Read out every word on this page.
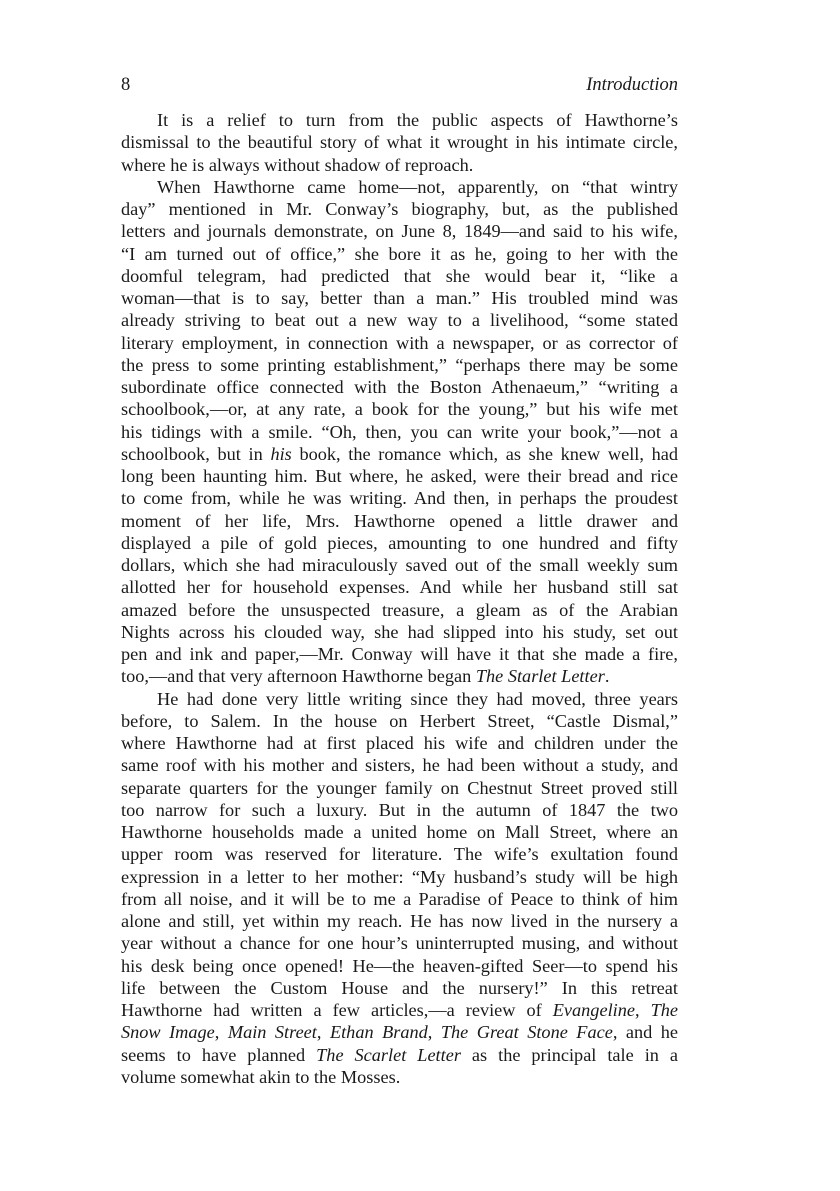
8	Introduction
It is a relief to turn from the public aspects of Hawthorne’s
dismissal to the beautiful story of what it wrought in his intimate circle,
where he is always without shadow of reproach.
When Hawthorne came home—not, apparently, on “that wintry
day” mentioned in Mr. Conway’s biography, but, as the published
letters and journals demonstrate, on June 8, 1849—and said to his wife,
“I am turned out of office,” she bore it as he, going to her with the
doomful telegram, had predicted that she would bear it, “like a
woman—that is to say, better than a man.” His troubled mind was
already striving to beat out a new way to a livelihood, “some stated
literary employment, in connection with a newspaper, or as corrector of
the press to some printing establishment,” “perhaps there may be some
subordinate office connected with the Boston Athenaeum,” “writing a
schoolbook,—or, at any rate, a book for the young,” but his wife met
his tidings with a smile. “Oh, then, you can write your book,”—not a
schoolbook, but in his book, the romance which, as she knew well, had
long been haunting him. But where, he asked, were their bread and rice
to come from, while he was writing. And then, in perhaps the proudest
moment of her life, Mrs. Hawthorne opened a little drawer and
displayed a pile of gold pieces, amounting to one hundred and fifty
dollars, which she had miraculously saved out of the small weekly sum
allotted her for household expenses. And while her husband still sat
amazed before the unsuspected treasure, a gleam as of the Arabian
Nights across his clouded way, she had slipped into his study, set out
pen and ink and paper,—Mr. Conway will have it that she made a fire,
too,—and that very afternoon Hawthorne began The Starlet Letter.
He had done very little writing since they had moved, three years
before, to Salem. In the house on Herbert Street, “Castle Dismal,”
where Hawthorne had at first placed his wife and children under the
same roof with his mother and sisters, he had been without a study, and
separate quarters for the younger family on Chestnut Street proved still
too narrow for such a luxury. But in the autumn of 1847 the two
Hawthorne households made a united home on Mall Street, where an
upper room was reserved for literature. The wife’s exultation found
expression in a letter to her mother: “My husband’s study will be high
from all noise, and it will be to me a Paradise of Peace to think of him
alone and still, yet within my reach. He has now lived in the nursery a
year without a chance for one hour’s uninterrupted musing, and without
his desk being once opened! He—the heaven-gifted Seer—to spend his
life between the Custom House and the nursery!” In this retreat
Hawthorne had written a few articles,—a review of Evangeline, The
Snow Image, Main Street, Ethan Brand, The Great Stone Face, and he
seems to have planned The Scarlet Letter as the principal tale in a
volume somewhat akin to the Mosses.
